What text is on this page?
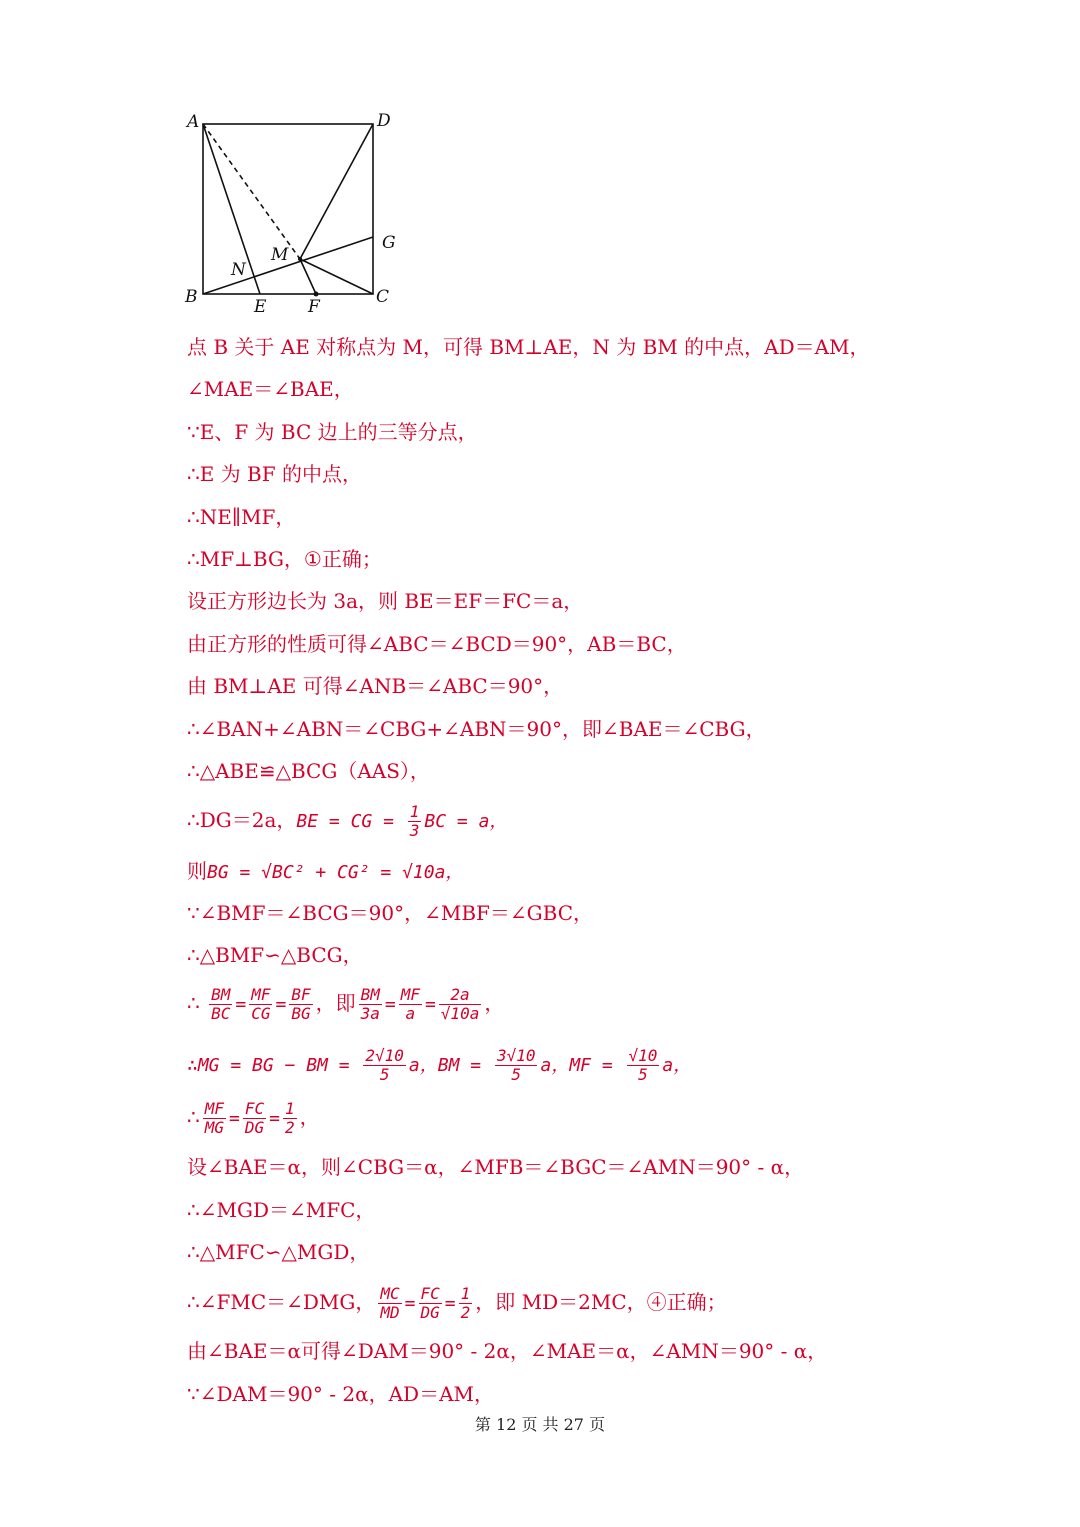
A	D
B	C
E F
G
M
N
点 B 关于 AE 对称点为 M，可得 BM⊥AE，N 为 BM 的中点，AD＝AM，
∠MAE＝∠BAE，
∵E、F 为 BC 边上的三等分点，
∴E 为 BF 的中点，
∴NE∥MF，
∴MF⊥BG，①正确；
设正方形边长为 3a，则 BE＝EF＝FC＝a，
由正方形的性质可得∠ABC＝∠BCD＝90°，AB＝BC，
由 BM⊥AE 可得∠ANB＝∠ABC＝90°，
∴∠BAN+∠ABN＝∠CBG+∠ABN＝90°，即∠BAE＝∠CBG，
∴△ABE≌△BCG（AAS），
∴DG＝2a，BE = CG = $\frac{1}{3}$ BC = a，
则BG = √BC² + CG² = √10a，
∵∠BMF＝∠BCG＝90°，∠MBF＝∠GBC，
∴△BMF∽△BCG，
∴ $\frac{BM}{BC} = \frac{MF}{CG} = \frac{BF}{BG}$ ，即 $\frac{BM}{3a} = \frac{MF}{a} = \frac{2a}{√10a}$ ，
∴MG = BG − BM = $\frac{2√10}{5}$ a，BM = $\frac{3√10}{5}$ a，MF = $\frac{√10}{5}$ a，
∴ $\frac{MF}{MG} = \frac{FC}{DG} = \frac{1}{2}$ ，
设∠BAE＝α，则∠CBG＝α，∠MFB＝∠BGC＝∠AMN＝90° - α，
∴∠MGD＝∠MFC，
∴△MFC∽△MGD，
∴∠FMC＝∠DMG， $\frac{MC}{MD} = \frac{FC}{DG} = \frac{1}{2}$ ，即 MD＝2MC，④正确；
由∠BAE＝α可得∠DAM＝90° - 2α，∠MAE＝α，∠AMN＝90° - α，
∵∠DAM＝90° - 2α，AD＝AM，
第 12 页 共 27 页
